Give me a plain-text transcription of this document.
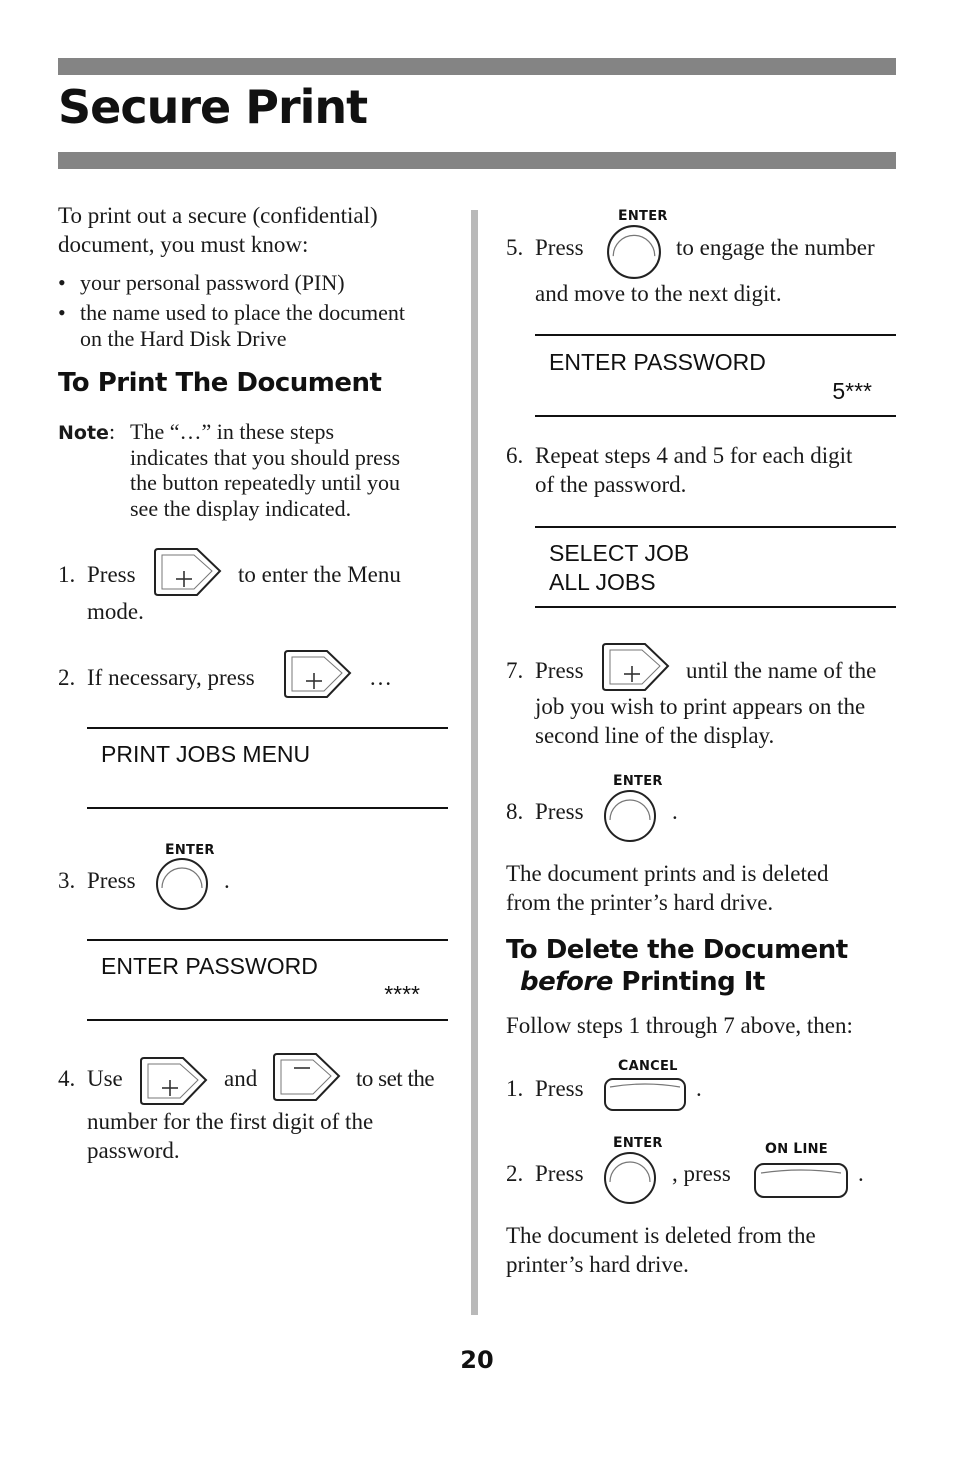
Secure Print
To print out a secure (confidential)
document, you must know:
• your personal password (PIN)
• the name used to place the document
on the Hard Disk Drive
To Print The Document
Note: The “…” in these steps
indicates that you should press
the button repeatedly until you
see the display indicated.
1. Press	to enter the Menu
mode.
2. If necessary, press	…
PRINT JOBS MENU
ENTER
3. Press	.
ENTER PASSWORD
****
4. Use	and	to set the
number for the first digit of the
password.
ENTER
5. Press	to engage the number
and move to the next digit.
ENTER PASSWORD
5***
6. Repeat steps 4 and 5 for each digit
of the password.
SELECT JOB
ALL JOBS
7. Press	until the name of the
job you wish to print appears on the
second line of the display.
ENTER
8. Press	.
The document prints and is deleted
from the printer’s hard drive.
To Delete the Document
before Printing It
Follow steps 1 through 7 above, then:
CANCEL
1. Press	.
ENTER	ON LINE
2. Press	, press	.
The document is deleted from the
printer’s hard drive.
20
